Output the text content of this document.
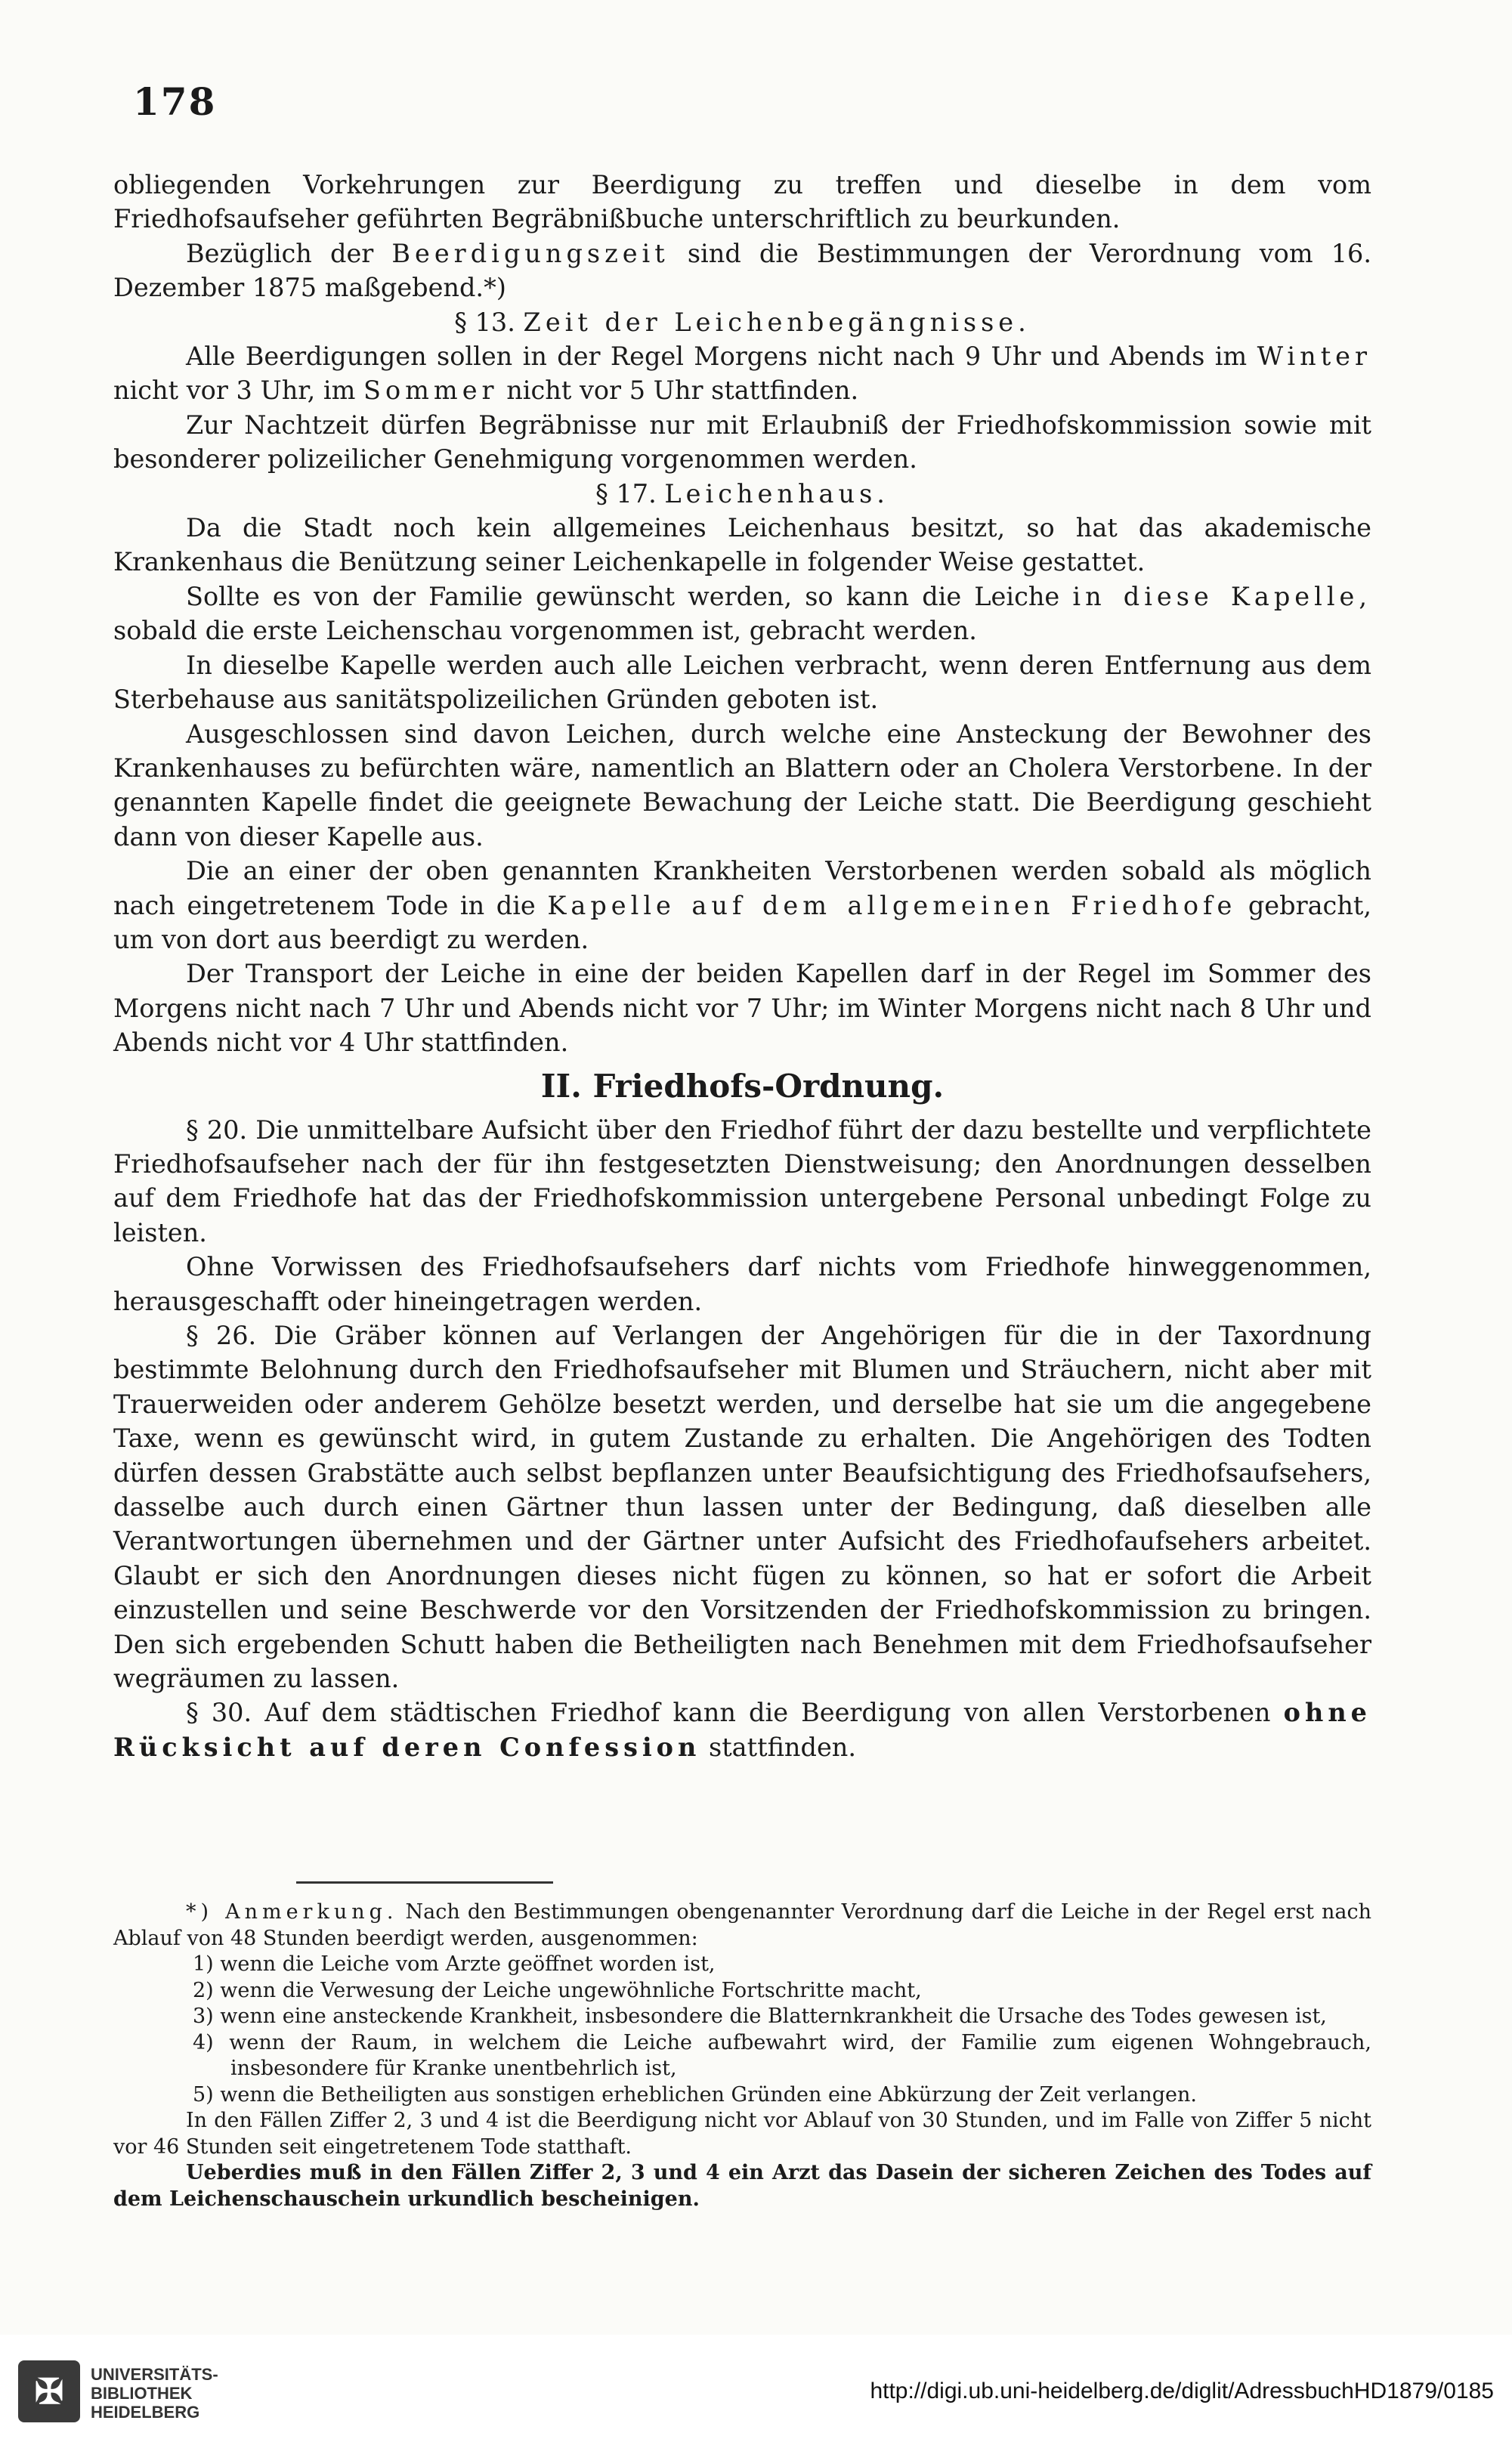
178

obliegenden Vorkehrungen zur Beerdigung zu treffen und dieselbe in dem vom Friedhofsaufseher geführten Begräbnißbuche unterschriftlich zu beurkunden.

Bezüglich der Beerdigungszeit sind die Bestimmungen der Verordnung vom 16. Dezember 1875 maßgebend.*)

§ 13. Zeit der Leichenbegängnisse.

Alle Beerdigungen sollen in der Regel Morgens nicht nach 9 Uhr und Abends im Winter nicht vor 3 Uhr, im Sommer nicht vor 5 Uhr stattfinden.

Zur Nachtzeit dürfen Begräbnisse nur mit Erlaubniß der Friedhofskommission sowie mit besonderer polizeilicher Genehmigung vorgenommen werden.

§ 17. Leichenhaus.

Da die Stadt noch kein allgemeines Leichenhaus besitzt, so hat das akademische Krankenhaus die Benützung seiner Leichenkapelle in folgender Weise gestattet.

Sollte es von der Familie gewünscht werden, so kann die Leiche in diese Kapelle, sobald die erste Leichenschau vorgenommen ist, gebracht werden.

In dieselbe Kapelle werden auch alle Leichen verbracht, wenn deren Entfernung aus dem Sterbehause aus sanitätspolizeilichen Gründen geboten ist.

Ausgeschlossen sind davon Leichen, durch welche eine Ansteckung der Bewohner des Krankenhauses zu befürchten wäre, namentlich an Blattern oder an Cholera Verstorbene. In der genannten Kapelle findet die geeignete Bewachung der Leiche statt. Die Beerdigung geschieht dann von dieser Kapelle aus.

Die an einer der oben genannten Krankheiten Verstorbenen werden sobald als möglich nach eingetretenem Tode in die Kapelle auf dem allgemeinen Friedhofe gebracht, um von dort aus beerdigt zu werden.

Der Transport der Leiche in eine der beiden Kapellen darf in der Regel im Sommer des Morgens nicht nach 7 Uhr und Abends nicht vor 7 Uhr; im Winter Morgens nicht nach 8 Uhr und Abends nicht vor 4 Uhr stattfinden.

II. Friedhofs-Ordnung.

§ 20. Die unmittelbare Aufsicht über den Friedhof führt der dazu bestellte und verpflichtete Friedhofsaufseher nach der für ihn festgesetzten Dienstweisung; den Anordnungen desselben auf dem Friedhofe hat das der Friedhofskommission untergebene Personal unbedingt Folge zu leisten.

Ohne Vorwissen des Friedhofsaufsehers darf nichts vom Friedhofe hinweggenommen, herausgeschafft oder hineingetragen werden.

§ 26. Die Gräber können auf Verlangen der Angehörigen für die in der Taxordnung bestimmte Belohnung durch den Friedhofsaufseher mit Blumen und Sträuchern, nicht aber mit Trauerweiden oder anderem Gehölze besetzt werden, und derselbe hat sie um die angegebene Taxe, wenn es gewünscht wird, in gutem Zustande zu erhalten. Die Angehörigen des Todten dürfen dessen Grabstätte auch selbst bepflanzen unter Beaufsichtigung des Friedhofsaufsehers, dasselbe auch durch einen Gärtner thun lassen unter der Bedingung, daß dieselben alle Verantwortungen übernehmen und der Gärtner unter Aufsicht des Friedhofaufsehers arbeitet. Glaubt er sich den Anordnungen dieses nicht fügen zu können, so hat er sofort die Arbeit einzustellen und seine Beschwerde vor den Vorsitzenden der Friedhofskommission zu bringen. Den sich ergebenden Schutt haben die Betheiligten nach Benehmen mit dem Friedhofsaufseher wegräumen zu lassen.

§ 30. Auf dem städtischen Friedhof kann die Beerdigung von allen Verstorbenen ohne Rücksicht auf deren Confession stattfinden.

*) Anmerkung. Nach den Bestimmungen obengenannter Verordnung darf die Leiche in der Regel erst nach Ablauf von 48 Stunden beerdigt werden, ausgenommen:

1) wenn die Leiche vom Arzte geöffnet worden ist,

2) wenn die Verwesung der Leiche ungewöhnliche Fortschritte macht,

3) wenn eine ansteckende Krankheit, insbesondere die Blatternkrankheit die Ursache des Todes gewesen ist,

4) wenn der Raum, in welchem die Leiche aufbewahrt wird, der Familie zum eigenen Wohngebrauch, insbesondere für Kranke unentbehrlich ist,

5) wenn die Betheiligten aus sonstigen erheblichen Gründen eine Abkürzung der Zeit verlangen.

In den Fällen Ziffer 2, 3 und 4 ist die Beerdigung nicht vor Ablauf von 30 Stunden, und im Falle von Ziffer 5 nicht vor 46 Stunden seit eingetretenem Tode statthaft.

Ueberdies muß in den Fällen Ziffer 2, 3 und 4 ein Arzt das Dasein der sicheren Zeichen des Todes auf dem Leichenschauschein urkundlich bescheinigen.

✠	UNIVERSITÄTS-
BIBLIOTHEK
HEIDELBERG
http://digi.ub.uni-heidelberg.de/diglit/AdressbuchHD1879/0185
